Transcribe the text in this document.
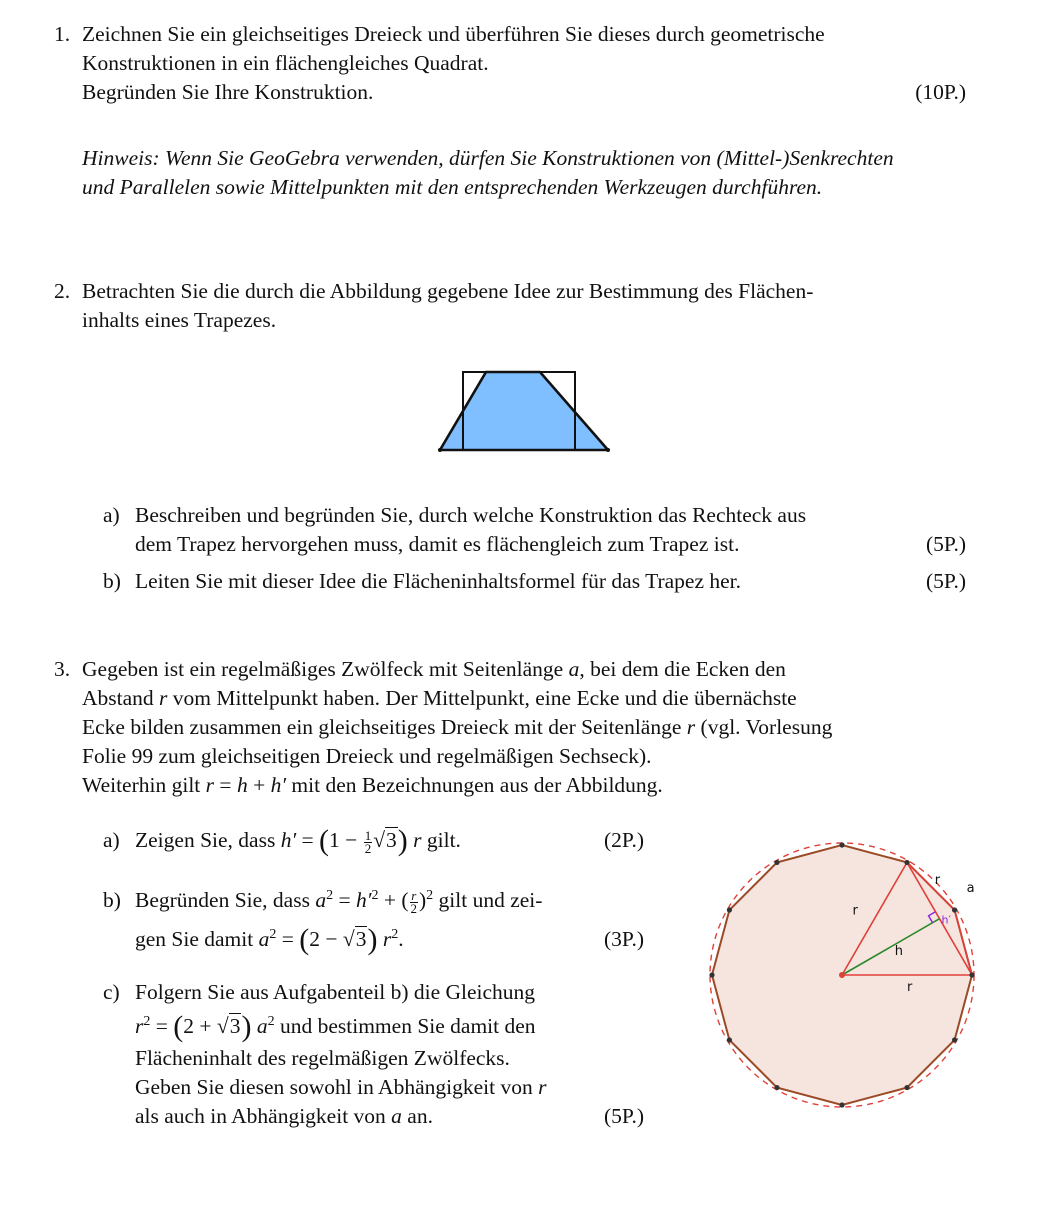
1. Zeichnen Sie ein gleichseitiges Dreieck und überführen Sie dieses durch geometrische
Konstruktionen in ein flächengleiches Quadrat.
Begründen Sie Ihre Konstruktion.	(10P.)
Hinweis: Wenn Sie GeoGebra verwenden, dürfen Sie Konstruktionen von (Mittel-)Senkrechten
und Parallelen sowie Mittelpunkten mit den entsprechenden Werkzeugen durchführen.
2. Betrachten Sie die durch die Abbildung gegebene Idee zur Bestimmung des Flächen-
inhalts eines Trapezes.
a) Beschreiben und begründen Sie, durch welche Konstruktion das Rechteck aus
dem Trapez hervorgehen muss, damit es flächengleich zum Trapez ist.	(5P.)
b) Leiten Sie mit dieser Idee die Flächeninhaltsformel für das Trapez her.	(5P.)
3. Gegeben ist ein regelmäßiges Zwölfeck mit Seitenlänge a, bei dem die Ecken den
Abstand r vom Mittelpunkt haben. Der Mittelpunkt, eine Ecke und die übernächste
Ecke bilden zusammen ein gleichseitiges Dreieck mit der Seitenlänge r (vgl. Vorlesung
Folie 99 zum gleichseitigen Dreieck und regelmäßigen Sechseck).
Weiterhin gilt r = h + h′ mit den Bezeichnungen aus der Abbildung.
a) Zeigen Sie, dass $h' = (1 - \frac{1}{2} √3)$ r gilt.	(2P.)
b) Begründen Sie, dass $a^2 = h'^2$ + ( $\frac{r}{2} )^2$ gilt und zei-
gen Sie damit $a^2 = (2 - √3)$ $r^2$.	(3P.)
c) Folgern Sie aus Aufgabenteil b) die Gleichung
$r^2 = (2 + √3)$ $a^2$ und bestimmen Sie damit den
Flächeninhalt des regelmäßigen Zwölfecks.
Geben Sie diesen sowohl in Abhängigkeit von r
als auch in Abhängigkeit von a an.	(5P.)
a
r
r
r
h
h′
